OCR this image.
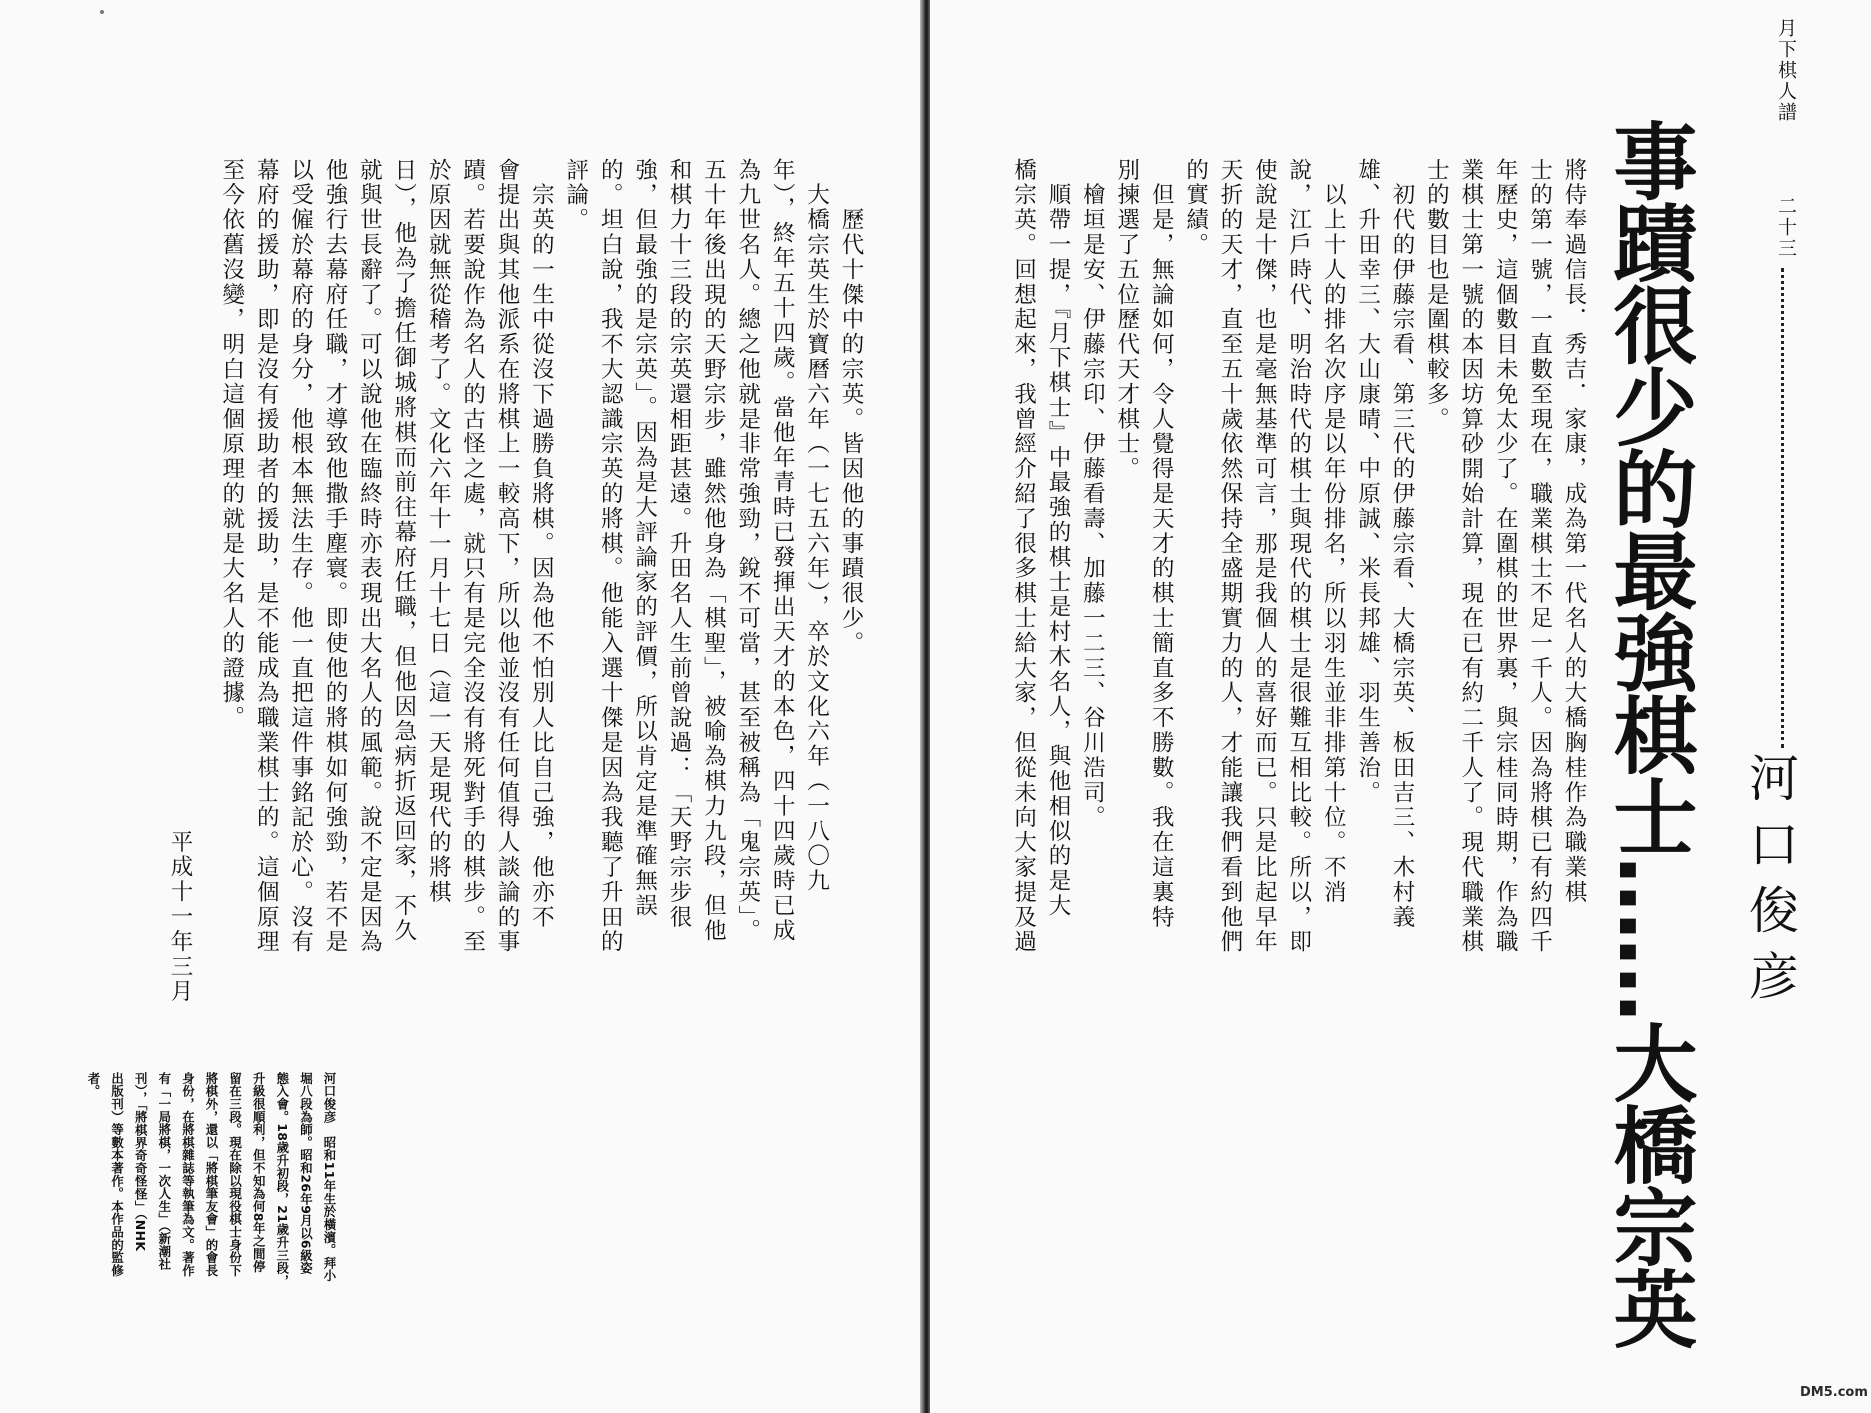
　　歷代十傑中的宗英。皆因他的事蹟很少。
　大橋宗英生於寶曆六年（一七五六年），卒於文化六年（一八〇九
年），終年五十四歲。當他年青時已發揮出天才的本色，四十四歲時已成
為九世名人。總之他就是非常強勁，銳不可當，甚至被稱為「鬼宗英」。
五十年後出現的天野宗步，雖然他身為「棋聖」，被喻為棋力九段，但他
和棋力十三段的宗英還相距甚遠。升田名人生前曾說過：「天野宗步很
強，但最強的是宗英」。因為是大評論家的評價，所以肯定是準確無誤
的。坦白說，我不大認識宗英的將棋。他能入選十傑是因為我聽了升田的
評論。
　宗英的一生中從沒下過勝負將棋。因為他不怕別人比自己強，他亦不
會提出與其他派系在將棋上一較高下，所以他並沒有任何值得人談論的事
蹟。若要說作為名人的古怪之處，就只有是完全沒有將死對手的棋步。至
於原因就無從稽考了。文化六年十一月十七日（這一天是現代的將棋
日），他為了擔任御城將棋而前往幕府任職，但他因急病折返回家，不久
就與世長辭了。可以說他在臨終時亦表現出大名人的風範。說不定是因為
他強行去幕府任職，才導致他撒手塵寰。即使他的將棋如何強勁，若不是
以受僱於幕府的身分，他根本無法生存。他一直把這件事銘記於心。沒有
幕府的援助，即是沒有援助者的援助，是不能成為職業棋士的。這個原理
至今依舊沒變，明白這個原理的就是大名人的證據。
平成十一年三月
河口俊彦　昭和11年生於橫濱。拜小
堀八段為師。昭和26年9月以6級姿
態入會。18歲升初段，21歲升三段，
升級很順利，但不知為何8年之間停
留在三段。現在除以現役棋士身份下
將棋外，還以「將棋筆友會」的會長
身份，在將棋雜誌等執筆為文。著作
有「一局將棋，一次人生」（新潮社
刊），「將棋界奇奇怪怪」（NHK
出版刊）等數本著作。本作品的監修
者。
將侍奉過信長．秀吉．家康，成為第一代名人的大橋胸桂作為職業棋
士的第一號，一直數至現在，職業棋士不足一千人。因為將棋已有約四千
年歷史，這個數目未免太少了。在圍棋的世界裏，與宗桂同時期，作為職
業棋士第一號的本因坊算砂開始計算，現在已有約二千人了。現代職業棋
士的數目也是圍棋較多。
　初代的伊藤宗看、第三代的伊藤宗看、大橋宗英、板田吉三、木村義
雄、升田幸三、大山康晴、中原誠、米長邦雄、羽生善治。
　以上十人的排名次序是以年份排名，所以羽生並非排第十位。不消
說，江戶時代、明治時代的棋士與現代的棋士是很難互相比較。所以，即
使說是十傑，也是毫無基準可言，那是我個人的喜好而已。只是比起早年
天折的天才，直至五十歲依然保持全盛期實力的人，才能讓我們看到他們
的實績。
　但是，無論如何，令人覺得是天才的棋士簡直多不勝數。我在這裏特
別揀選了五位歷代天才棋士。
　檜垣是安、伊藤宗印、伊藤看壽、加藤一二三、谷川浩司。
　順帶一提，『月下棋士』中最強的棋士是村木名人，與他相似的是大
橋宗英。回想起來，我曾經介紹了很多棋士給大家，但從未向大家提及過
月下棋人譜
二十三
河口俊彦
事蹟很少的最強棋士……大橋宗英
DM5.com
